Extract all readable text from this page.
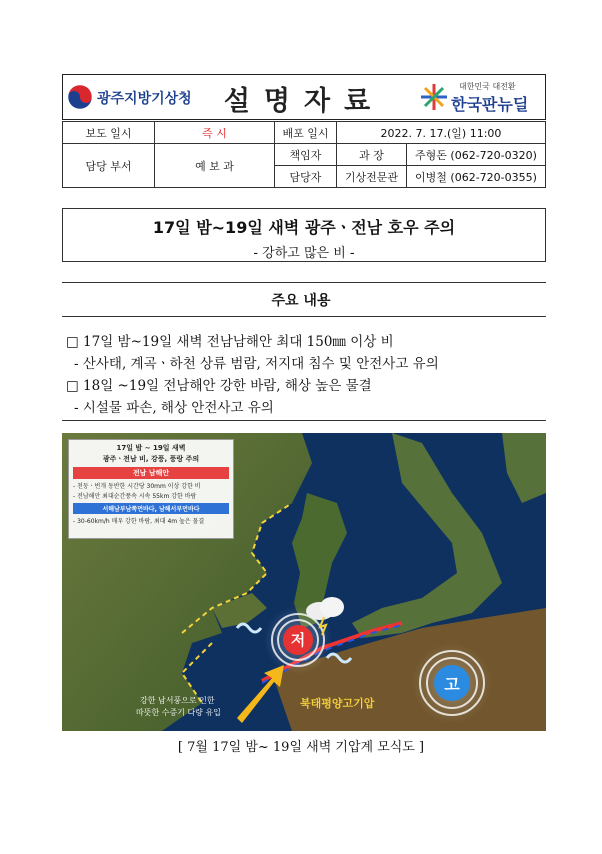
광주지방기상청	설명자료	대한민국 대전환
한국판뉴딜
보도 일시	즉 시	배포 일시	2022. 7. 17.(일) 11:00	
담당 부서	예 보 과	책임자	과 장	주형돈 (062-720-0320)
		담당자	기상전문관	이병철 (062-720-0355)
17일 밤~19일 새벽 광주ㆍ전남 호우 주의
- 강하고 많은 비 -
주요 내용
□ 17일 밤~19일 새벽 전남남해안 최대 150㎜ 이상 비
- 산사태, 계곡ㆍ하천 상류 범람, 저지대 침수 및 안전사고 유의
□ 18일 ~19일 전남해안 강한 바람, 해상 높은 물결
- 시설물 파손, 해상 안전사고 유의
17일 밤 ~ 19일 새벽
광주ㆍ전남 비, 강풍, 풍랑 주의
전남 남해안
- 천둥ㆍ번개 동반한 시간당 30mm 이상 강한 비
- 전남해안 최대순간풍속 시속 55km 강한 바람
서해남부남쪽먼바다, 남해서부먼바다
- 30-60km/h 매우 강한 바람, 최대 4m 높은 물결
저
고
북태평양고기압
강한 남서풍으로 인한
따뜻한 수증기 다량 유입
[ 7월 17일 밤~ 19일 새벽 기압계 모식도 ]
